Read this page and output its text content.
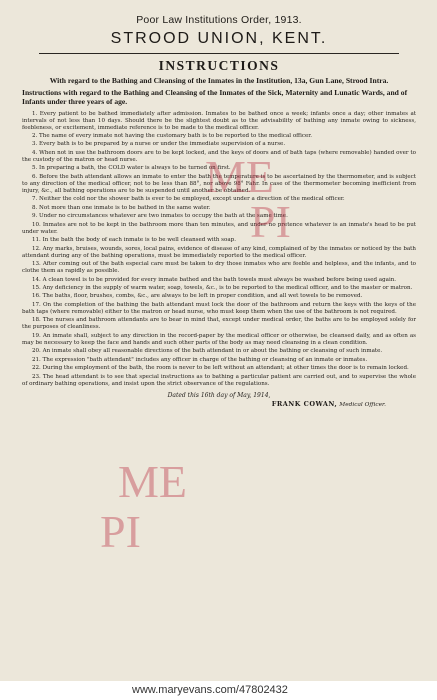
Poor Law Institutions Order, 1913.

STROOD UNION, KENT.

INSTRUCTIONS

With regard to the Bathing and Cleansing of the Inmates in the Institution, 13a, Gun Lane, Strood Intra.

Instructions with regard to the Bathing and Cleansing of the Inmates of the Sick, Maternity and Lunatic Wards, and of Infants under three years of age.

1. Every patient to be bathed immediately after admission. Inmates to be bathed once a week; infants once a day; other inmates at intervals of not less than 10 days. Should there be the slightest doubt as to the advisability of bathing any inmate owing to sickness, feebleness, or excitement, immediate reference is to be made to the medical officer.
2. The name of every inmate not having the customary bath is to be reported to the medical officer.
3. Every bath is to be prepared by a nurse or under the immediate supervision of a nurse.
4. When not in use the bathroom doors are to be kept locked, and the keys of doors and of bath taps (where removable) handed over to the custody of the matron or head nurse.
5. In preparing a bath, the COLD water is always to be turned on first.
6. Before the bath attendant allows an inmate to enter the bath the temperature is to be ascertained by the thermometer, and is subject to any direction of the medical officer, not to be less than 88°, nor above 98° Fahr. In case of the thermometer becoming inefficient from injury, &c., all bathing operations are to be suspended until another be obtained.
7. Neither the cold nor the shower bath is ever to be employed, except under a direction of the medical officer.
8. Not more than one inmate is to be bathed in the same water.
9. Under no circumstances whatever are two inmates to occupy the bath at the same time.
10. Inmates are not to be kept in the bathroom more than ten minutes, and under no pretence whatever is an inmate's head to be put under water.
11. In the bath the body of each inmate is to be well cleansed with soap.
12. Any marks, bruises, wounds, sores, local pains, evidence of disease of any kind, complained of by the inmates or noticed by the bath attendant during any of the bathing operations, must be immediately reported to the medical officer.
13. After coming out of the bath especial care must be taken to dry those inmates who are feeble and helpless, and the infants, and to clothe them as rapidly as possible.
14. A clean towel is to be provided for every inmate bathed and the bath towels must always be washed before being used again.
15. Any deficiency in the supply of warm water, soap, towels, &c., is to be reported to the medical officer, and to the master or matron.
16. The baths, floor, brushes, combs, &c., are always to be left in proper condition, and all wet towels to be removed.
17. On the completion of the bathing the bath attendant must lock the door of the bathroom and return the keys with the keys of the bath taps (where removable) either to the matron or head nurse, who must keep them when the use of the bathroom is not required.
18. The nurses and bathroom attendants are to bear in mind that, except under medical order, the baths are to be employed solely for the purposes of cleanliness.
19. An inmate shall, subject to any direction in the record-paper by the medical officer or otherwise, be cleansed daily, and as often as may be necessary to keep the face and hands and such other parts of the body as may need cleansing in a clean condition.
20. An inmate shall obey all reasonable directions of the bath attendant in or about the bathing or cleansing of such inmate.
21. The expression "bath attendant" includes any officer in charge of the bathing or cleansing of an inmate or inmates.
22. During the employment of the bath, the room is never to be left without an attendant; at other times the door is to remain locked.
23. The head attendant is to see that special instructions as to bathing a particular patient are carried out, and to supervise the whole of ordinary bathing operations, and insist upon the strict observance of the regulations.

Dated this 16th day of May, 1914,

FRANK COWAN, Medical Officer.

ME
PI
ME
PI
www.maryevans.com/47802432
